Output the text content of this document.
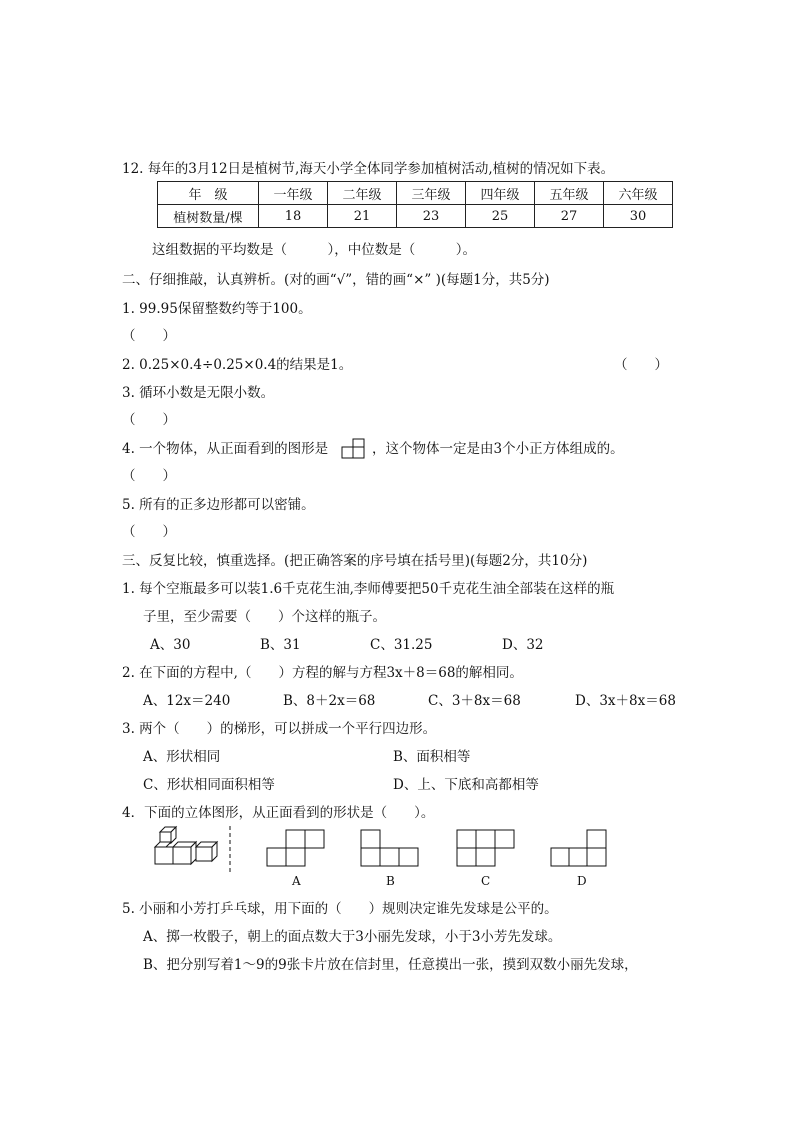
12. 每年的3月12日是植树节,海天小学全体同学参加植树活动,植树的情况如下表。
年　级	一年级	二年级	三年级	四年级	五年级	六年级
植树数量/棵	18	21	23	25	27	30
这组数据的平均数是（　　　），中位数是（　　　）。
二、仔细推敲，认真辨析。(对的画“√”，错的画“×” )(每题1分，共5分)
1. 99.95保留整数约等于100。
（　　）
2. 0.25×0.4÷0.25×0.4的结果是1。	（　　）
3. 循环小数是无限小数。
（　　）
4. 一个物体，从正面看到的图形是	，这个物体一定是由3个小正方体组成的。
（　　）
5. 所有的正多边形都可以密铺。
（　　）
三、反复比较，慎重选择。(把正确答案的序号填在括号里)(每题2分，共10分)
1. 每个空瓶最多可以装1.6千克花生油,李师傅要把50千克花生油全部装在这样的瓶
子里，至少需要（　　）个这样的瓶子。
A、30	B、31	C、31.25	D、32
2. 在下面的方程中,（　　）方程的解与方程3x＋8＝68的解相同。
A、12x＝240	B、8＋2x＝68	C、3＋8x＝68	D、3x＋8x＝68
3. 两个（　　）的梯形，可以拼成一个平行四边形。
A、形状相同	B、面积相等
C、形状相同面积相等	D、上、下底和高都相等
4．下面的立体图形，从正面看到的形状是（　　）。
A	B	C	D
5. 小丽和小芳打乒乓球，用下面的（　　）规则决定谁先发球是公平的。
A、掷一枚骰子，朝上的面点数大于3小丽先发球，小于3小芳先发球。
B、把分别写着1～9的9张卡片放在信封里，任意摸出一张，摸到双数小丽先发球，
